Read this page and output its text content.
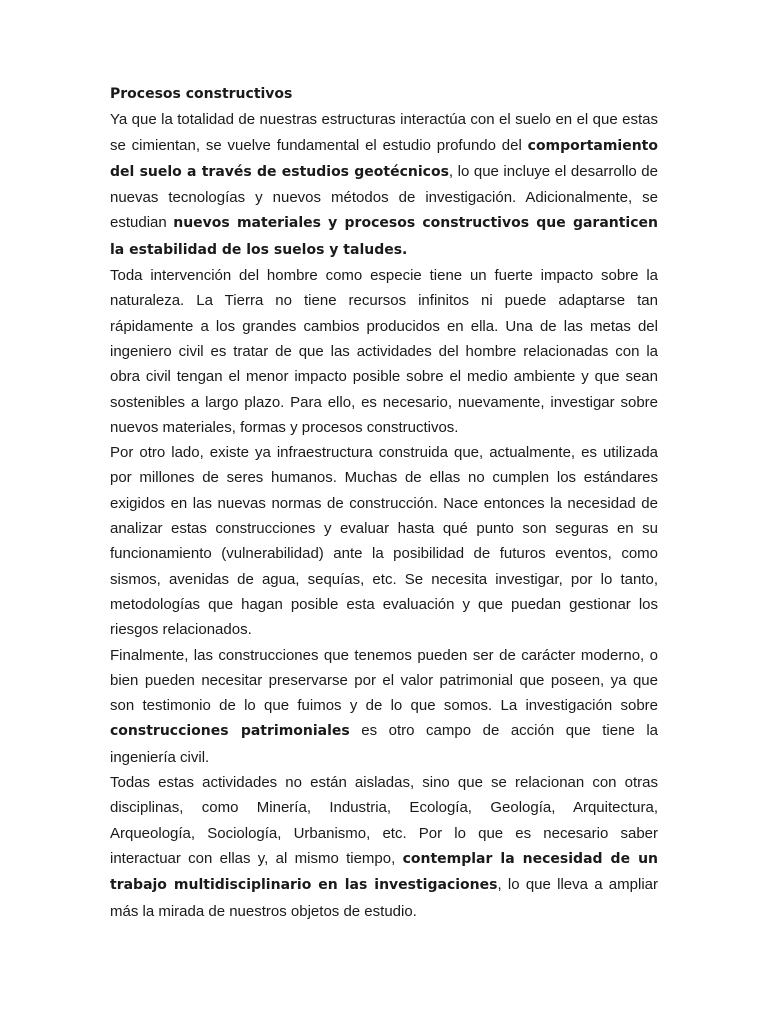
Procesos constructivos

Ya que la totalidad de nuestras estructuras interactúa con el suelo en el que estas se cimientan, se vuelve fundamental el estudio profundo del comportamiento del suelo a través de estudios geotécnicos, lo que incluye el desarrollo de nuevas tecnologías y nuevos métodos de investigación. Adicionalmente, se estudian nuevos materiales y procesos constructivos que garanticen la estabilidad de los suelos y taludes.

Toda intervención del hombre como especie tiene un fuerte impacto sobre la naturaleza. La Tierra no tiene recursos infinitos ni puede adaptarse tan rápidamente a los grandes cambios producidos en ella. Una de las metas del ingeniero civil es tratar de que las actividades del hombre relacionadas con la obra civil tengan el menor impacto posible sobre el medio ambiente y que sean sostenibles a largo plazo. Para ello, es necesario, nuevamente, investigar sobre nuevos materiales, formas y procesos constructivos.

Por otro lado, existe ya infraestructura construida que, actualmente, es utilizada por millones de seres humanos. Muchas de ellas no cumplen los estándares exigidos en las nuevas normas de construcción. Nace entonces la necesidad de analizar estas construcciones y evaluar hasta qué punto son seguras en su funcionamiento (vulnerabilidad) ante la posibilidad de futuros eventos, como sismos, avenidas de agua, sequías, etc. Se necesita investigar, por lo tanto, metodologías que hagan posible esta evaluación y que puedan gestionar los riesgos relacionados.

Finalmente, las construcciones que tenemos pueden ser de carácter moderno, o bien pueden necesitar preservarse por el valor patrimonial que poseen, ya que son testimonio de lo que fuimos y de lo que somos. La investigación sobre construcciones patrimoniales es otro campo de acción que tiene la ingeniería civil.

Todas estas actividades no están aisladas, sino que se relacionan con otras disciplinas, como Minería, Industria, Ecología, Geología, Arquitectura, Arqueología, Sociología, Urbanismo, etc. Por lo que es necesario saber interactuar con ellas y, al mismo tiempo, contemplar la necesidad de un trabajo multidisciplinario en las investigaciones, lo que lleva a ampliar más la mirada de nuestros objetos de estudio.
